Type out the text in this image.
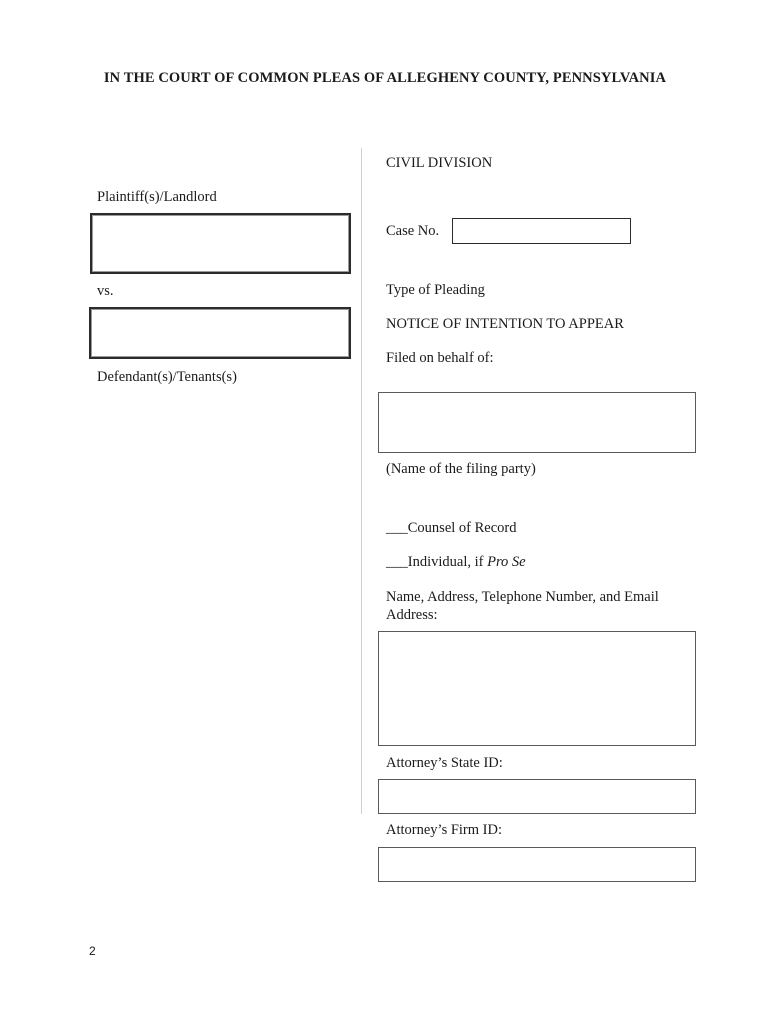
IN THE COURT OF COMMON PLEAS OF ALLEGHENY COUNTY, PENNSYLVANIA
Plaintiff(s)/Landlord
vs.
Defendant(s)/Tenants(s)
CIVIL DIVISION
Case No.
Type of Pleading
NOTICE OF INTENTION TO APPEAR
Filed on behalf of:
(Name of the filing party)
___Counsel of Record
___Individual, if Pro Se
Name, Address, Telephone Number, and Email
Address:
Attorney’s State ID:
Attorney’s Firm ID:
2
